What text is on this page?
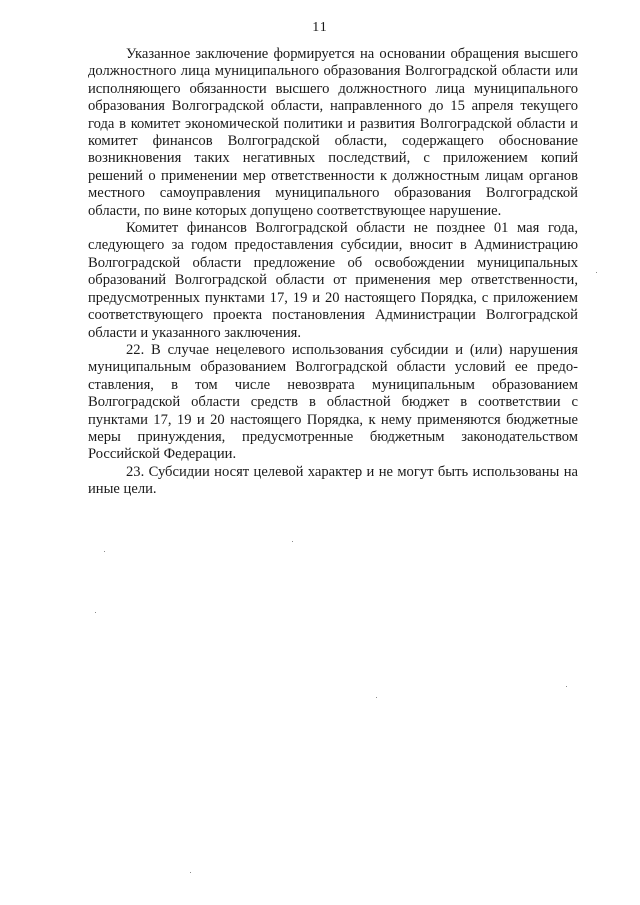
11

Указанное заключение формируется на основании обращения высшего должностного лица муниципального образования Волгоградской области или исполняющего обязанности высшего должностного лица муниципального образования Волгоградской области, направленного до 15 апреля текущего года в комитет экономической политики и развития Волгоградской области и комитет финансов Волгоградской области, содержащего обоснование возникновения таких негативных последствий, с приложением копий решений о применении мер ответственности к должностным лицам органов местного самоуправления муниципального образования Волгоградской области, по вине которых допущено соответствующее нарушение.

Комитет финансов Волгоградской области не позднее 01 мая года, следующего за годом предоставления субсидии, вносит в Администрацию Волгоградской области предложение об освобождении муниципальных образований Волгоградской области от применения мер ответственности, предусмотренных пунктами 17, 19 и 20 настоящего Порядка, с приложением соответствующего проекта постановления Администрации Волгоградской области и указанного заключения.

22. В случае нецелевого использования субсидии и (или) нарушения муниципальным образованием Волгоградской области условий ее предоставления, в том числе невозврата муниципальным образованием Волгоградской области средств в областной бюджет в соответствии с пунктами 17, 19 и 20 настоящего Порядка, к нему применяются бюджетные меры принуждения, предусмотренные бюджетным законодательством Российской Федерации.

23. Субсидии носят целевой характер и не могут быть использованы на иные цели.
